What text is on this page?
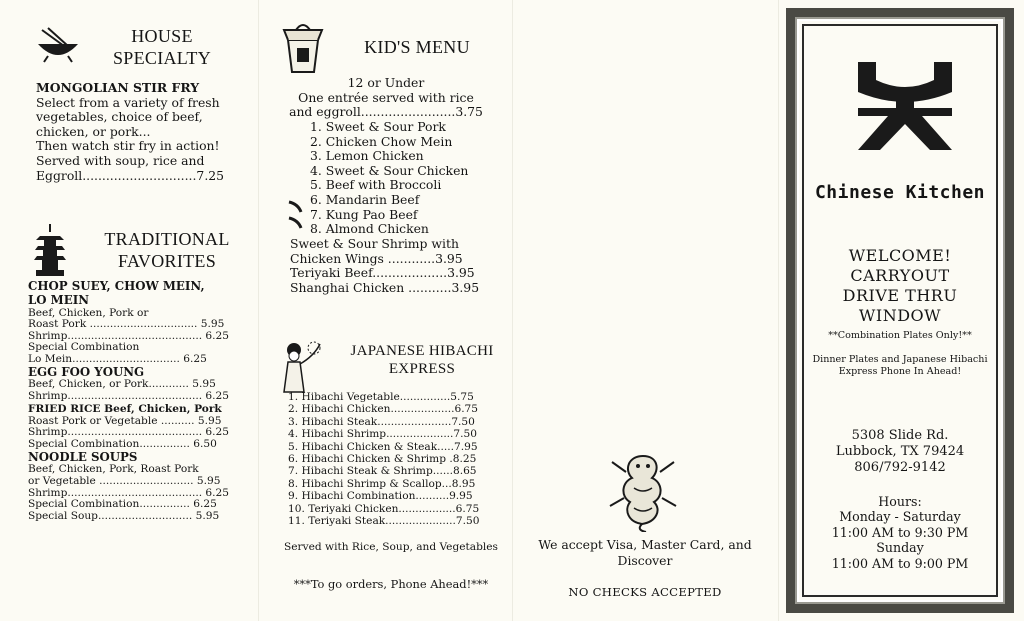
HOUSE
SPECIALTY
MONGOLIAN STIR FRY
Select from a variety of fresh
vegetables, choice of beef,
chicken, or pork...
Then watch stir fry in action!
Served with soup, rice and
Eggroll.............................7.25
TRADITIONAL
FAVORITES
CHOP SUEY, CHOW MEIN,
LO MEIN
Beef, Chicken, Pork or
Roast Pork ................................ 5.95
Shrimp........................................ 6.25
Special Combination
Lo Mein................................ 6.25
EGG FOO YOUNG
Beef, Chicken, or Pork............ 5.95
Shrimp........................................ 6.25
FRIED RICE Beef, Chicken, Pork
Roast Pork or Vegetable .......... 5.95
Shrimp........................................ 6.25
Special Combination............... 6.50
NOODLE SOUPS
Beef, Chicken, Pork, Roast Pork
or Vegetable ............................ 5.95
Shrimp........................................ 6.25
Special Combination............... 6.25
Special Soup............................ 5.95
KID'S MENU
12 or Under
One entrée served with rice
and eggroll........................3.75
1. Sweet & Sour Pork
2. Chicken Chow Mein
3. Lemon Chicken
4. Sweet & Sour Chicken
5. Beef with Broccoli
6. Mandarin Beef
7. Kung Pao Beef
8. Almond Chicken
Sweet & Sour Shrimp with
Chicken Wings ............3.95
Teriyaki Beef...................3.95
Shanghai Chicken ...........3.95
JAPANESE HIBACHI
EXPRESS
1. Hibachi Vegetable...............5.75
2. Hibachi Chicken...................6.75
3. Hibachi Steak......................7.50
4. Hibachi Shrimp....................7.50
5. Hibachi Chicken & Steak.....7.95
6. Hibachi Chicken & Shrimp .8.25
7. Hibachi Steak & Shrimp......8.65
8. Hibachi Shrimp & Scallop...8.95
9. Hibachi Combination..........9.95
10. Teriyaki Chicken.................6.75
11. Teriyaki Steak.....................7.50
Served with Rice, Soup, and Vegetables
***To go orders, Phone Ahead!***
We accept Visa, Master Card, and
Discover
NO CHECKS ACCEPTED
Chinese Kitchen
WELCOME!
CARRYOUT
DRIVE THRU
WINDOW
**Combination Plates Only!**
Dinner Plates and Japanese Hibachi
Express Phone In Ahead!
5308 Slide Rd.
Lubbock, TX 79424
806/792-9142
Hours:
Monday - Saturday
11:00 AM to 9:30 PM
Sunday
11:00 AM to 9:00 PM
